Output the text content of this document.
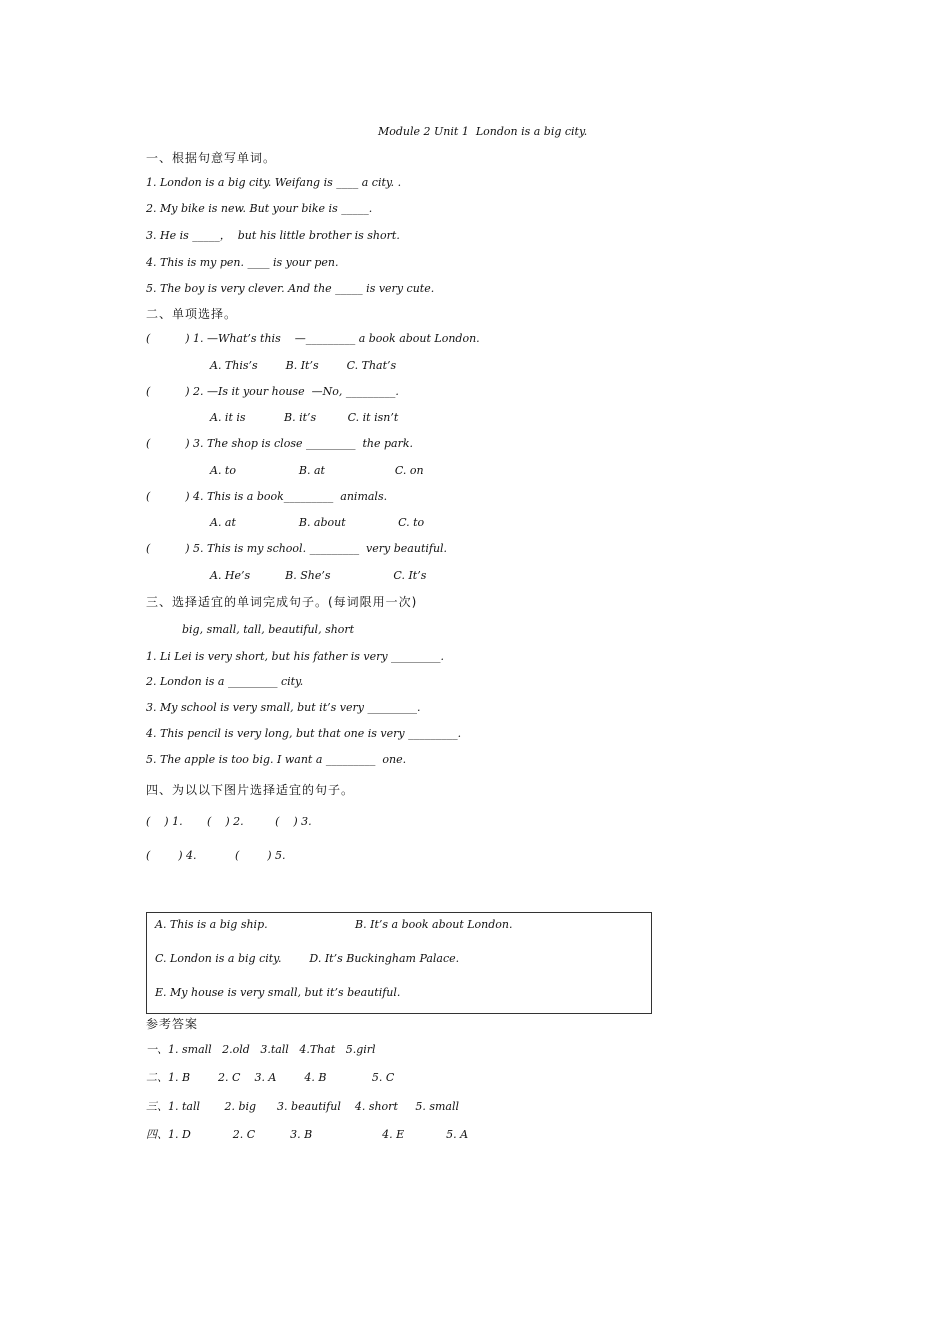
Module 2 Unit 1  London is a big city.
一、根据句意写单词。
1. London is a big city. Weifang is ____ a city. .
2. My bike is new. But your bike is _____.
3. He is _____，  but his little brother is short.
4. This is my pen. ____ is your pen.
5. The boy is very clever. And the _____ is very cute.
二、单项选择。
(          ) 1. —What’s this    —_________ a book about London.
A. This’s        B. It’s        C. That’s
(          ) 2. —Is it your house  —No, _________.
A. it is           B. it’s         C. it isn’t
(          ) 3. The shop is close _________  the park.
A. to                  B. at                    C. on
(          ) 4. This is a book_________  animals.
A. at                  B. about               C. to
(          ) 5. This is my school. _________  very beautiful.
A. He’s          B. She’s                  C. It’s
三、选择适宜的单词完成句子。(每词限用一次)
big, small, tall, beautiful, short
1. Li Lei is very short, but his father is very _________.
2. London is a _________ city.
3. My school is very small, but it’s very _________.
4. This pencil is very long, but that one is very _________.
5. The apple is too big. I want a _________  one.
四、为以以下图片选择适宜的句子。
(    ) 1.       (    ) 2.         (    ) 3.
(        ) 4.           (        ) 5.
A. This is a big ship.                         B. It’s a book about London.
C. London is a big city.        D. It’s Buckingham Palace.
E. My house is very small, but it’s beautiful.
参考答案
一、1. small   2.old   3.tall   4.That   5.girl
二、1. B        2. C    3. A        4. B             5. C
三、1. tall       2. big      3. beautiful    4. short     5. small
四、1. D            2. C          3. B                    4. E            5. A
